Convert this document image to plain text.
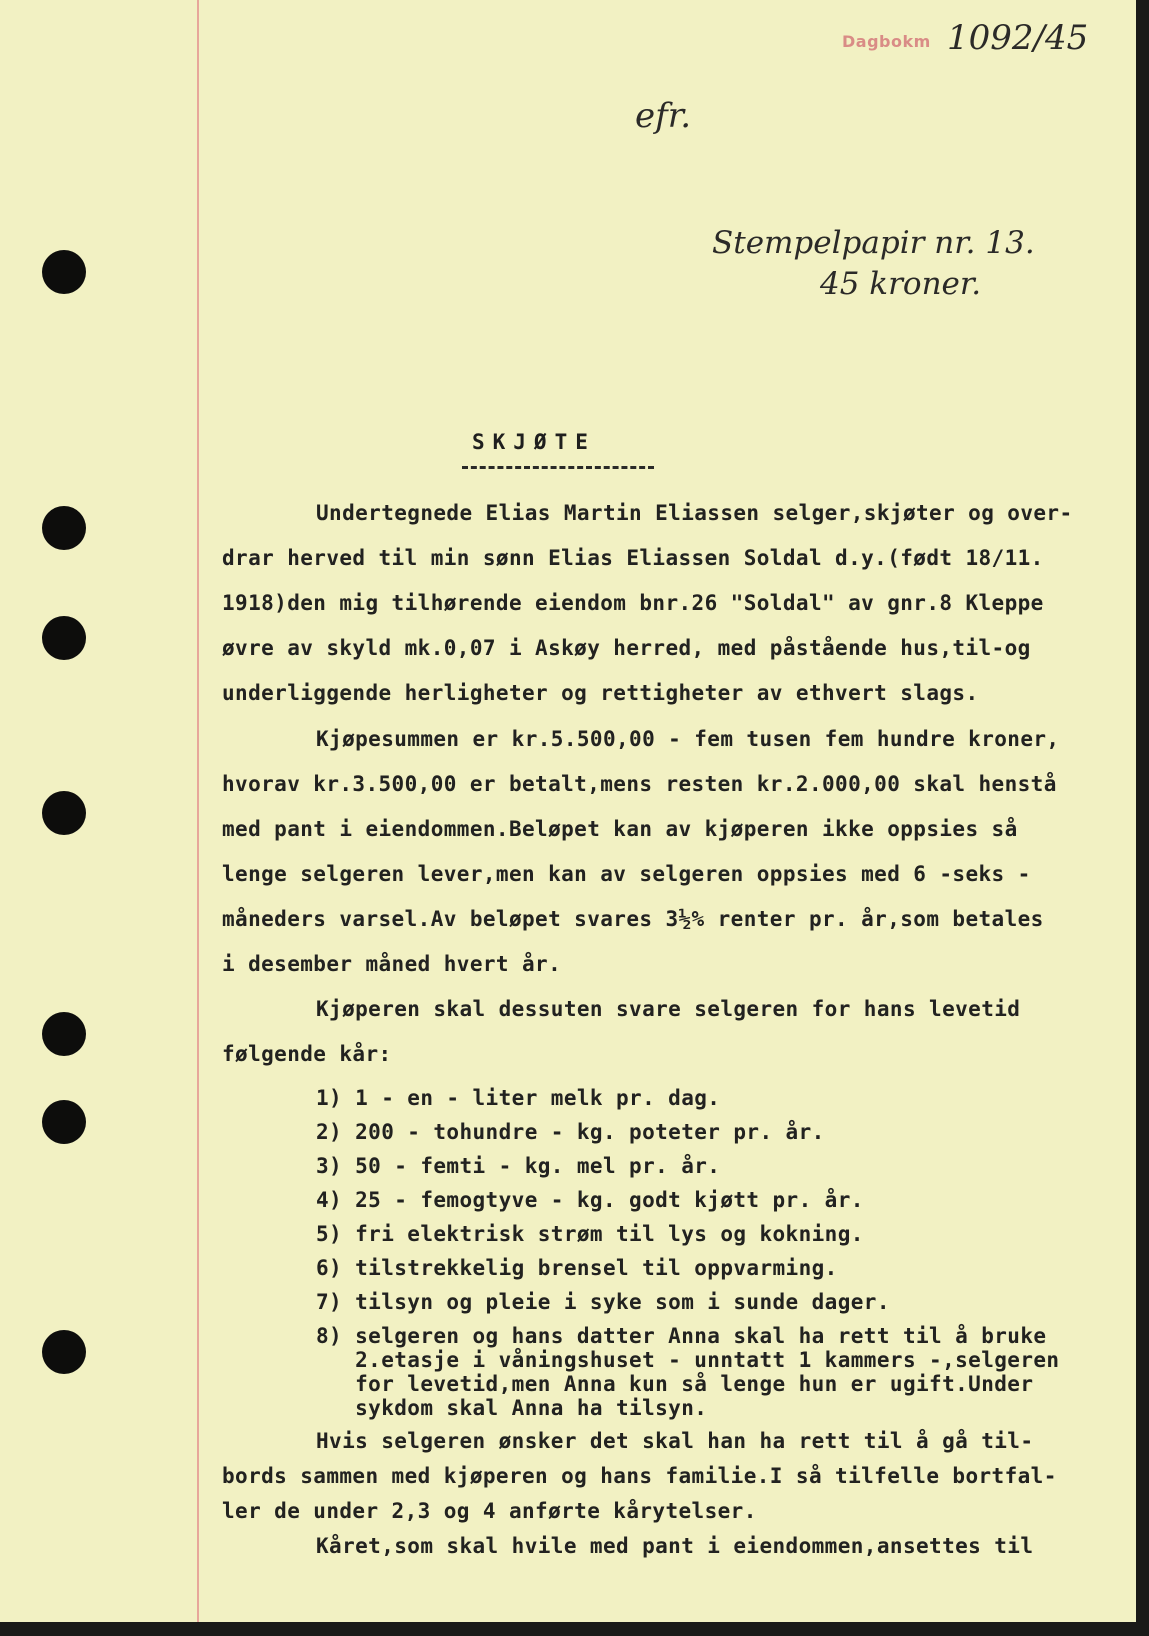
Dagbokm 1092/45
efr.
Stempelpapir nr. 13.
45 kroner.
SKJØTE
Undertegnede Elias Martin Eliassen selger,skjøter og over-
drar herved til min sønn Elias Eliassen Soldal d.y.(født 18/11.
1918)den mig tilhørende eiendom bnr.26 "Soldal" av gnr.8 Kleppe
øvre av skyld mk.0,07 i Askøy herred, med påstående hus,til-og
underliggende herligheter og rettigheter av ethvert slags.
Kjøpesummen er kr.5.500,00 - fem tusen fem hundre kroner,
hvorav kr.3.500,00 er betalt,mens resten kr.2.000,00 skal henstå
med pant i eiendommen.Beløpet kan av kjøperen ikke oppsies så
lenge selgeren lever,men kan av selgeren oppsies med 6 -seks -
måneders varsel.Av beløpet svares 3½% renter pr. år,som betales
i desember måned hvert år.
Kjøperen skal dessuten svare selgeren for hans levetid
følgende kår:
1) 1 - en - liter melk pr. dag.
2) 200 - tohundre - kg. poteter pr. år.
3) 50 - femti - kg. mel pr. år.
4) 25 - femogtyve - kg. godt kjøtt pr. år.
5) fri elektrisk strøm til lys og kokning.
6) tilstrekkelig brensel til oppvarming.
7) tilsyn og pleie i syke som i sunde dager.
8) selgeren og hans datter Anna skal ha rett til å bruke
2.etasje i våningshuset - unntatt 1 kammers -,selgeren
for levetid,men Anna kun så lenge hun er ugift.Under
sykdom skal Anna ha tilsyn.
Hvis selgeren ønsker det skal han ha rett til å gå til-
bords sammen med kjøperen og hans familie.I så tilfelle bortfal-
ler de under 2,3 og 4 anførte kårytelser.
Kåret,som skal hvile med pant i eiendommen,ansettes til
